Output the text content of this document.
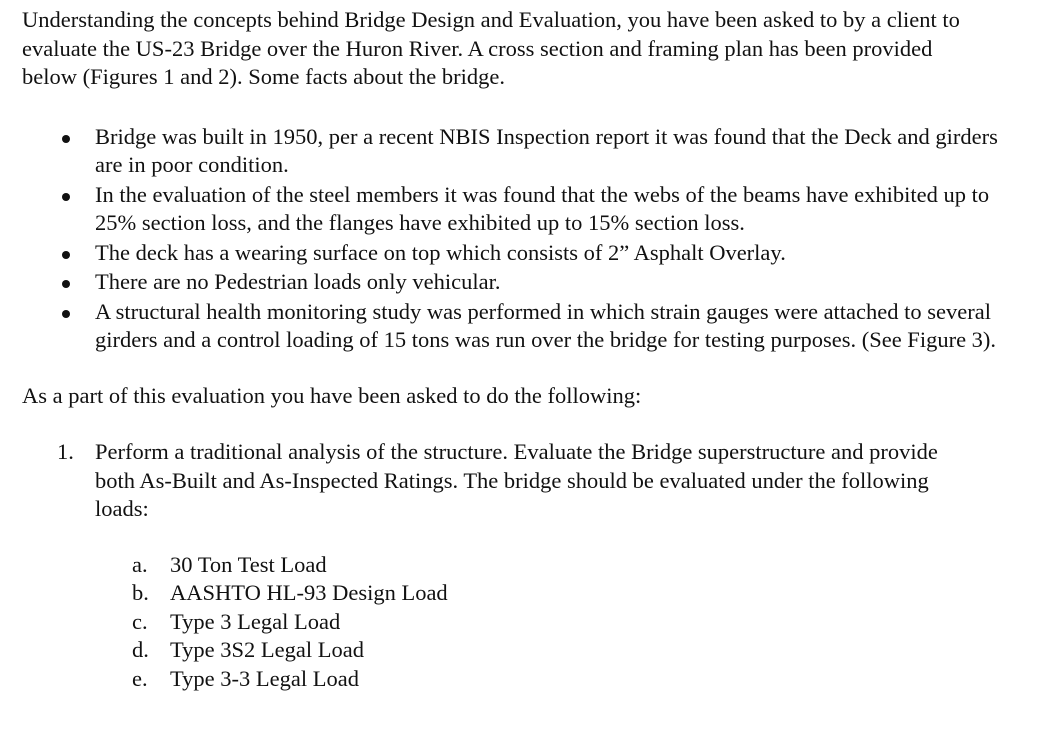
Understanding the concepts behind Bridge Design and Evaluation, you have been asked to by a client to evaluate the US-23 Bridge over the Huron River. A cross section and framing plan has been provided below (Figures 1 and 2). Some facts about the bridge.

Bridge was built in 1950, per a recent NBIS Inspection report it was found that the Deck and girders are in poor condition.
In the evaluation of the steel members it was found that the webs of the beams have exhibited up to 25% section loss, and the flanges have exhibited up to 15% section loss.
The deck has a wearing surface on top which consists of 2” Asphalt Overlay.
There are no Pedestrian loads only vehicular.
A structural health monitoring study was performed in which strain gauges were attached to several girders and a control loading of 15 tons was run over the bridge for testing purposes. (See Figure 3).

As a part of this evaluation you have been asked to do the following:

1. Perform a traditional analysis of the structure. Evaluate the Bridge superstructure and provide both As-Built and As-Inspected Ratings. The bridge should be evaluated under the following loads:
a. 30 Ton Test Load
b. AASHTO HL-93 Design Load
c. Type 3 Legal Load
d. Type 3S2 Legal Load
e. Type 3-3 Legal Load
